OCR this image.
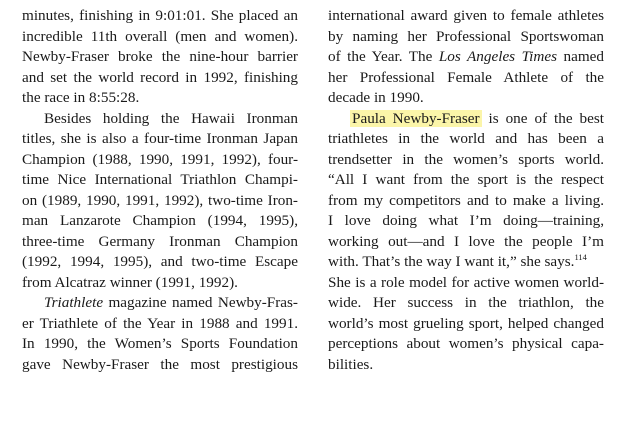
minutes, finishing in 9:01:01. She placed an
incredible 11th overall (men and women).
Newby-Fraser broke the nine-hour barrier
and set the world record in 1992, finishing
the race in 8:55:28.
Besides holding the Hawaii Ironman
titles, she is also a four-time Ironman Japan
Champion (1988, 1990, 1991, 1992), four-
time Nice International Triathlon Champi-
on (1989, 1990, 1991, 1992), two-time Iron-
man Lanzarote Champion (1994, 1995),
three-time Germany Ironman Champion
(1992, 1994, 1995), and two-time Escape
from Alcatraz winner (1991, 1992).
Triathlete magazine named Newby-Fras-
er Triathlete of the Year in 1988 and 1991.
In 1990, the Women’s Sports Foundation
gave Newby-Fraser the most prestigious
international award given to female athletes
by naming her Professional Sportswoman
of the Year. The Los Angeles Times named
her Professional Female Athlete of the
decade in 1990.
Paula Newby-Fraser is one of the best
triathletes in the world and has been a
trendsetter in the women’s sports world.
“All I want from the sport is the respect
from my competitors and to make a living.
I love doing what I’m doing—training,
working out—and I love the people I’m
with. That’s the way I want it,” she says.$^{114}$
She is a role model for active women world-
wide. Her success in the triathlon, the
world’s most grueling sport, helped changed
perceptions about women’s physical capa-
bilities.
